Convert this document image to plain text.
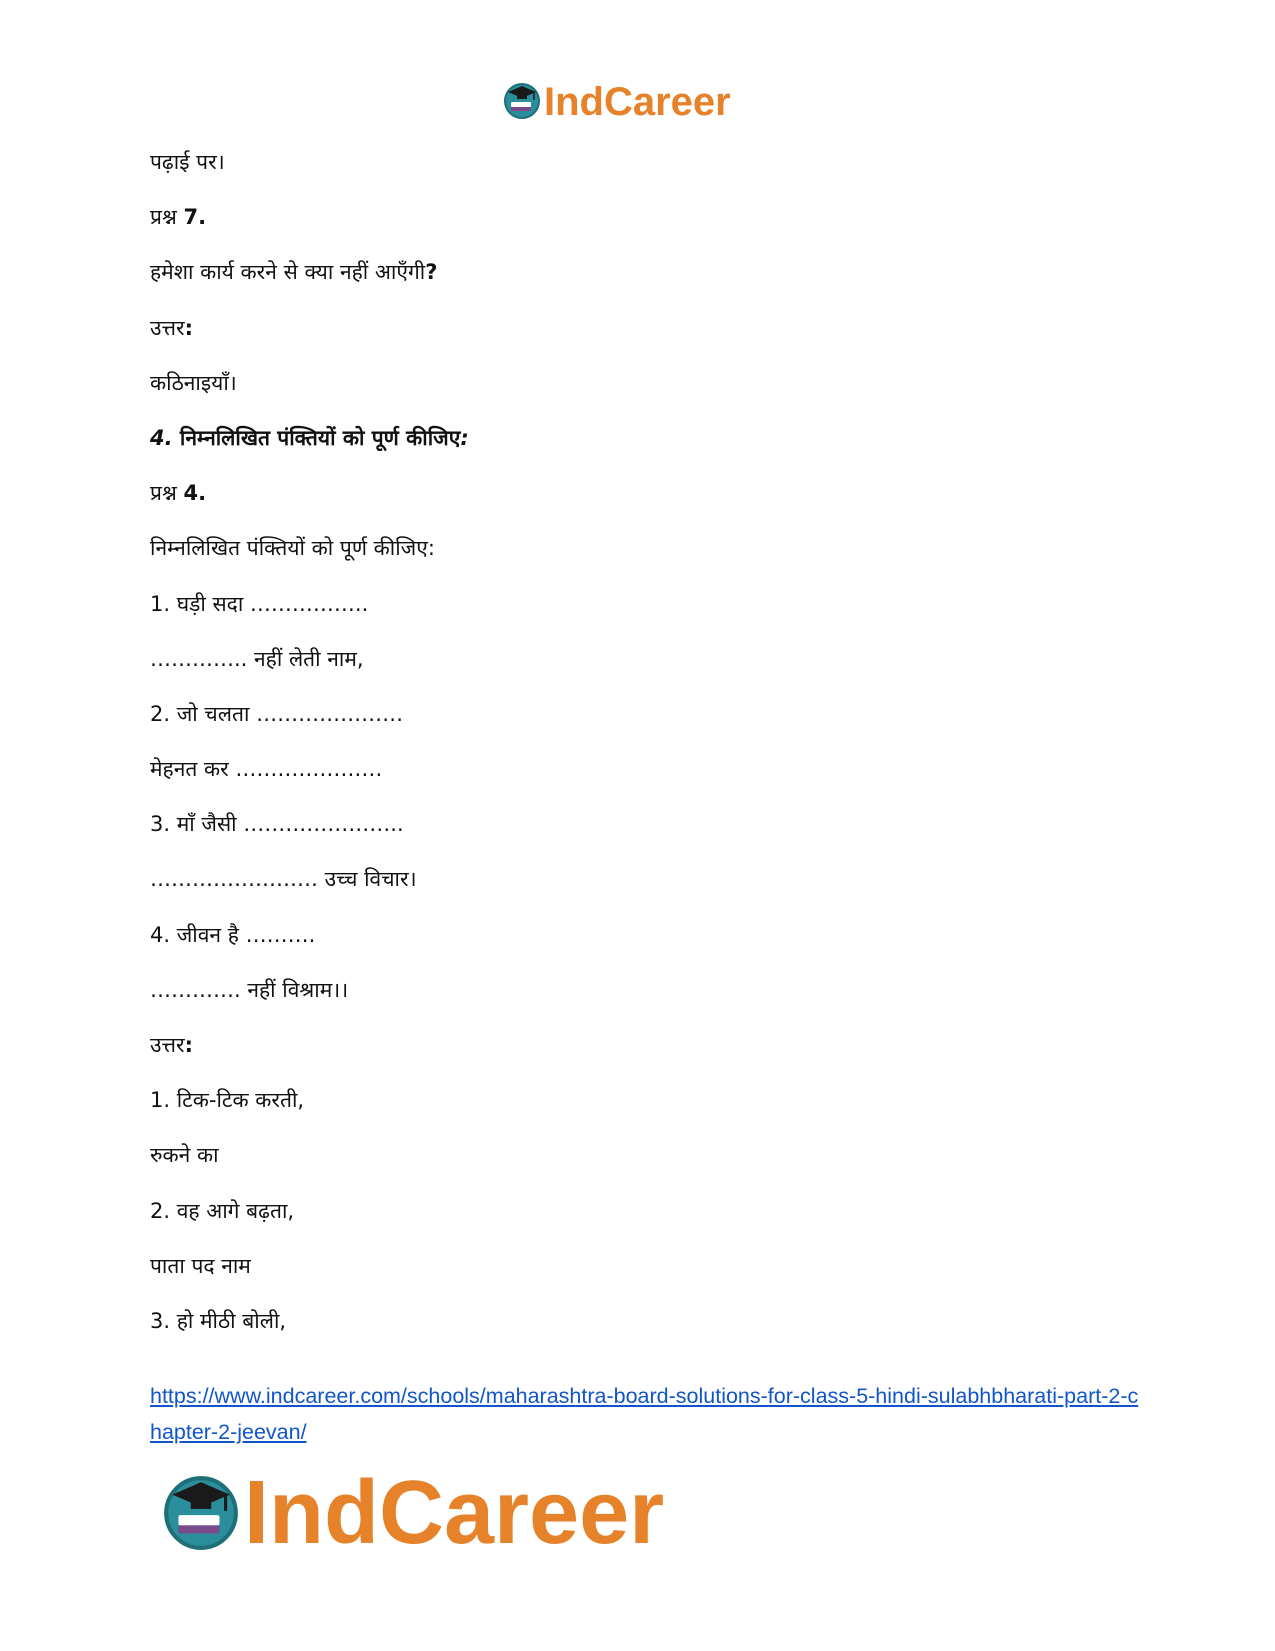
IndCareer
पढ़ाई पर।
प्रश्न 7.
हमेशा कार्य करने से क्या नहीं आएँगी?
उत्तर:
कठिनाइयाँ।
4. निम्नलिखित पंक्तियों को पूर्ण कीजिए:
प्रश्न 4.
निम्नलिखित पंक्तियों को पूर्ण कीजिए:
1. घड़ी सदा ……………..
………….. नहीं लेती नाम,
2. जो चलता …………………
मेहनत कर …………………
3. माँ जैसी …………………..
…………………… उच्च विचार।
4. जीवन है ……….
…………. नहीं विश्राम।।
उत्तर:
1. टिक-टिक करती,
रुकने का
2. वह आगे बढ़ता,
पाता पद नाम
3. हो मीठी बोली,
https://www.indcareer.com/schools/maharashtra-board-solutions-for-class-5-hindi-sulabhbharati-part-2-chapter-2-jeevan/
IndCareer
